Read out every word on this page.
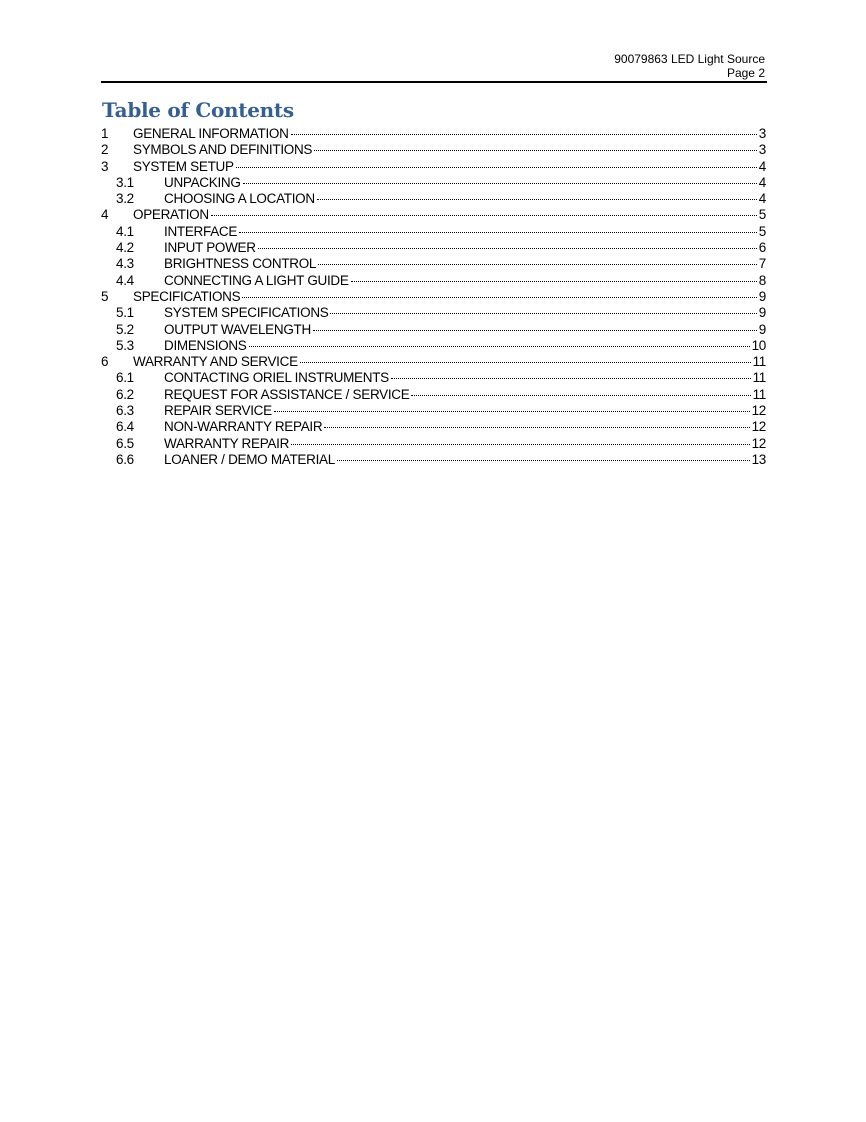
90079863 LED Light Source
Page 2
Table of Contents
1	GENERAL INFORMATION	3
2	SYMBOLS AND DEFINITIONS	3
3	SYSTEM SETUP	4
3.1	UNPACKING	4
3.2	CHOOSING A LOCATION	4
4	OPERATION	5
4.1	INTERFACE	5
4.2	INPUT POWER	6
4.3	BRIGHTNESS CONTROL	7
4.4	CONNECTING A LIGHT GUIDE	8
5	SPECIFICATIONS	9
5.1	SYSTEM SPECIFICATIONS	9
5.2	OUTPUT WAVELENGTH	9
5.3	DIMENSIONS	10
6	WARRANTY AND SERVICE	11
6.1	CONTACTING ORIEL INSTRUMENTS	11
6.2	REQUEST FOR ASSISTANCE / SERVICE	11
6.3	REPAIR SERVICE	12
6.4	NON-WARRANTY REPAIR	12
6.5	WARRANTY REPAIR	12
6.6	LOANER / DEMO MATERIAL	13
